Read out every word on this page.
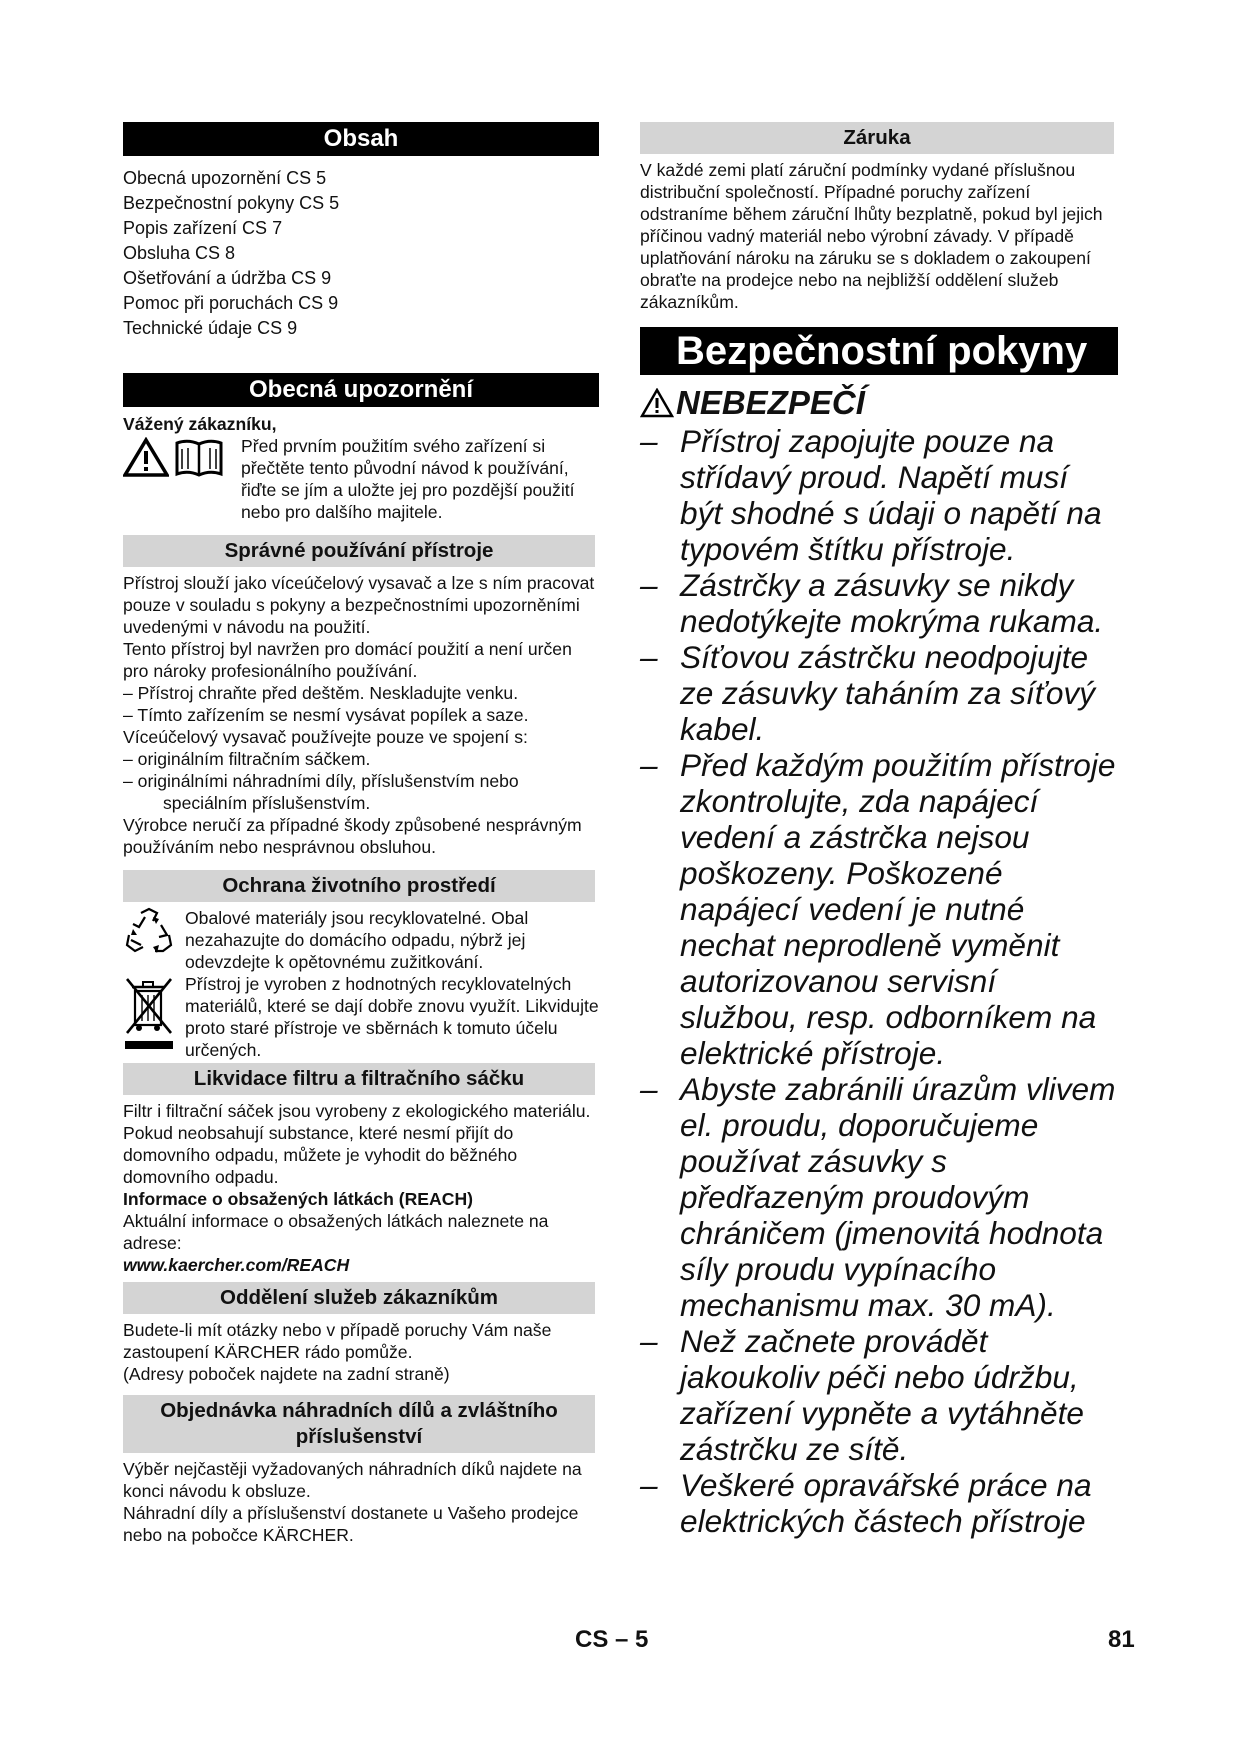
Obsah
Obecná upozornění CS 5
Bezpečnostní pokyny CS 5
Popis zařízení CS 7
Obsluha CS 8
Ošetřování a údržba CS 9
Pomoc při poruchách CS 9
Technické údaje CS 9
Obecná upozornění

Vážený zákazníku,

Před prvním použitím svého zařízení si přečtěte tento původní návod k používání, řiďte se jím a uložte jej pro pozdější použití nebo pro dalšího majitele.

Správné používání přístroje

Přístroj slouží jako víceúčelový vysavač a lze s ním pracovat pouze v souladu s pokyny a bezpečnostními upozorněními uvedenými v návodu na použití.

Tento přístroj byl navržen pro domácí použití a není určen pro nároky profesionálního používání.

– Přístroj chraňte před deštěm. Neskladujte venku.

– Tímto zařízením se nesmí vysávat popílek a saze.

Víceúčelový vysavač používejte pouze ve spojení s:

– originálním filtračním sáčkem.

– originálními náhradními díly, příslušenstvím nebo speciálním příslušenstvím.

Výrobce neručí za případné škody způsobené nesprávným používáním nebo nesprávnou obsluhou.

Ochrana životního prostředí

Obalové materiály jsou recyklovatelné. Obal nezahazujte do domácího odpadu, nýbrž jej odevzdejte k opětovnému zužitkování.

Přístroj je vyroben z hodnotných recyklovatelných materiálů, které se dají dobře znovu využít. Likvidujte proto staré přístroje ve sběrnách k tomuto účelu určených.

Likvidace filtru a filtračního sáčku

Filtr i filtrační sáček jsou vyrobeny z ekologického materiálu.

Pokud neobsahují substance, které nesmí přijít do domovního odpadu, můžete je vyhodit do běžného domovního odpadu.

Informace o obsažených látkách (REACH)

Aktuální informace o obsažených látkách naleznete na adrese:

www.kaercher.com/REACH

Oddělení služeb zákazníkům

Budete-li mít otázky nebo v případě poruchy Vám naše zastoupení KÄRCHER rádo pomůže.

(Adresy poboček najdete na zadní straně)

Objednávka náhradních dílů a zvláštního příslušenství

Výběr nejčastěji vyžadovaných náhradních díků najdete na konci návodu k obsluze.

Náhradní díly a příslušenství dostanete u Vašeho prodejce nebo na pobočce KÄRCHER.

Záruka

V každé zemi platí záruční podmínky vydané příslušnou distribuční společností. Případné poruchy zařízení odstraníme během záruční lhůty bezplatně, pokud byl jejich příčinou vadný materiál nebo výrobní závady. V případě uplatňování nároku na záruku se s dokladem o zakoupení obraťte na prodejce nebo na nejbližší oddělení služeb zákazníkům.

Bezpečnostní pokyny
NEBEZPEČÍ

– Přístroj zapojujte pouze na střídavý proud. Napětí musí být shodné s údaji o napětí na typovém štítku přístroje.

– Zástrčky a zásuvky se nikdy nedotýkejte mokrýma rukama.

– Síťovou zástrčku neodpojujte ze zásuvky taháním za síťový kabel.

– Před každým použitím přístroje zkontrolujte, zda napájecí vedení a zástrčka nejsou poškozeny. Poškozené napájecí vedení je nutné nechat neprodleně vyměnit autorizovanou servisní službou, resp. odborníkem na elektrické přístroje.

– Abyste zabránili úrazům vlivem el. proudu, doporučujeme používat zásuvky s předřazeným proudovým chráničem (jmenovitá hodnota síly proudu vypínacího mechanismu max. 30 mA).

– Než začnete provádět jakoukoliv péči nebo údržbu, zařízení vypněte a vytáhněte zástrčku ze sítě.

– Veškeré opravářské práce na elektrických částech přístroje

CS – 5	81
